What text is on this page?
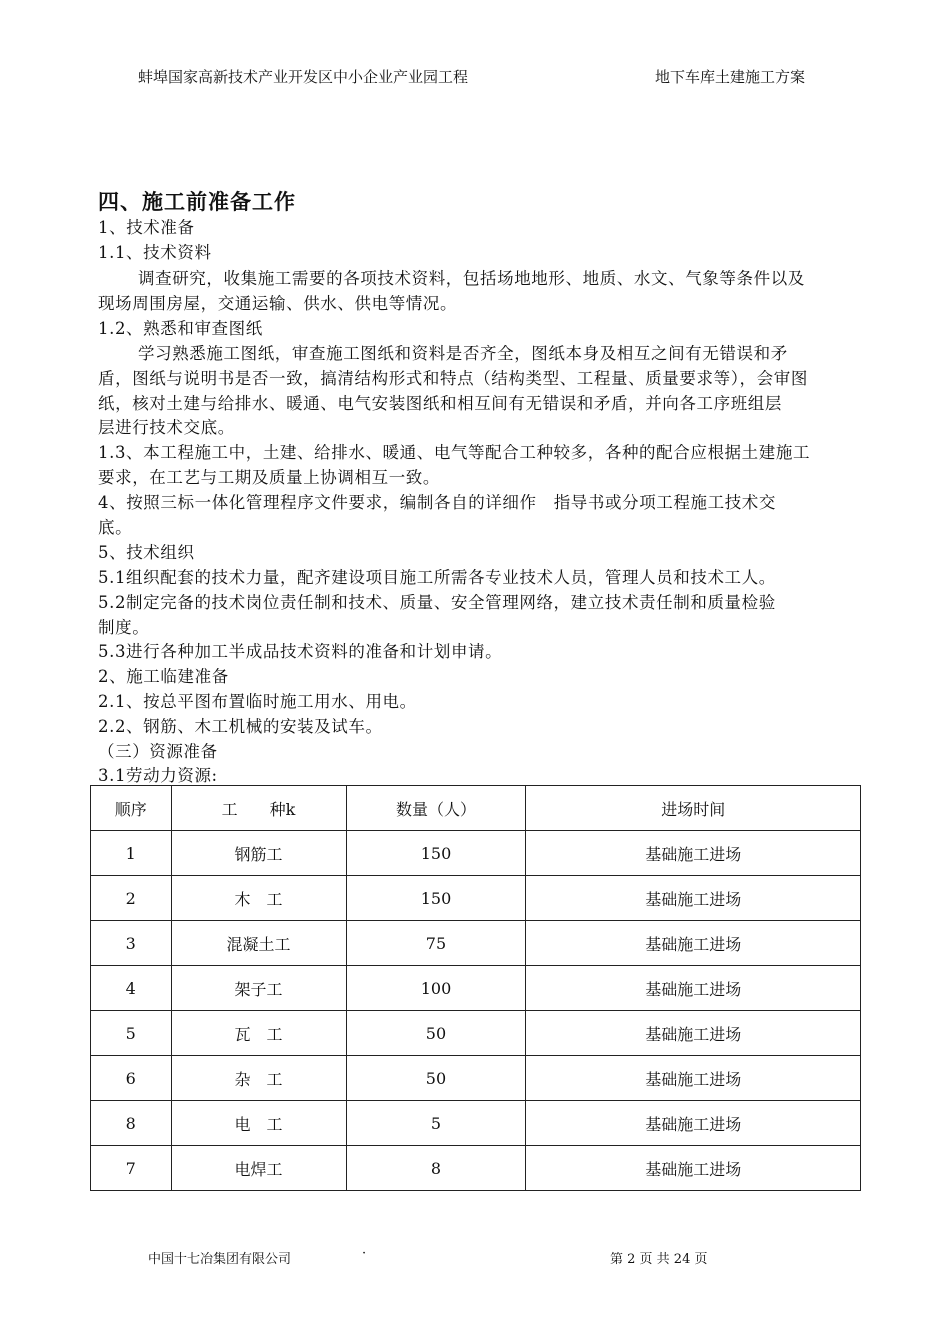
蚌埠国家高新技术产业开发区中小企业产业园工程	地下车库土建施工方案
四、施工前准备工作
1、技术准备
1.1、技术资料
调查研究，收集施工需要的各项技术资料，包括场地地形、地质、水文、气象等条件以及
现场周围房屋，交通运输、供水、供电等情况。
1.2、熟悉和审查图纸
学习熟悉施工图纸，审查施工图纸和资料是否齐全，图纸本身及相互之间有无错误和矛
盾，图纸与说明书是否一致，搞清结构形式和特点（结构类型、工程量、质量要求等），会审图
纸，核对土建与给排水、暖通、电气安装图纸和相互间有无错误和矛盾，并向各工序班组层
层进行技术交底。
1.3、本工程施工中，土建、给排水、暖通、电气等配合工种较多，各种的配合应根据土建施工
要求，在工艺与工期及质量上协调相互一致。
4、按照三标一体化管理程序文件要求，编制各自的详细作　指导书或分项工程施工技术交
底。
5、技术组织
5.1组织配套的技术力量，配齐建设项目施工所需各专业技术人员，管理人员和技术工人。
5.2制定完备的技术岗位责任制和技术、质量、安全管理网络，建立技术责任制和质量检验
制度。
5.3进行各种加工半成品技术资料的准备和计划申请。
2、施工临建准备
2.1、按总平图布置临时施工用水、用电。
2.2、钢筋、木工机械的安装及试车。
（三）资源准备
3.1劳动力资源:
顺序	工　　种k	数量（人）	进场时间
1	钢筋工	150	基础施工进场
2	木　工	150	基础施工进场
3	混凝土工	75	基础施工进场
4	架子工	100	基础施工进场
5	瓦　工	50	基础施工进场
6	杂　工	50	基础施工进场
8	电　工	5	基础施工进场
7	电焊工	8	基础施工进场
中国十七冶集团有限公司	·	第 2 页 共 24 页
